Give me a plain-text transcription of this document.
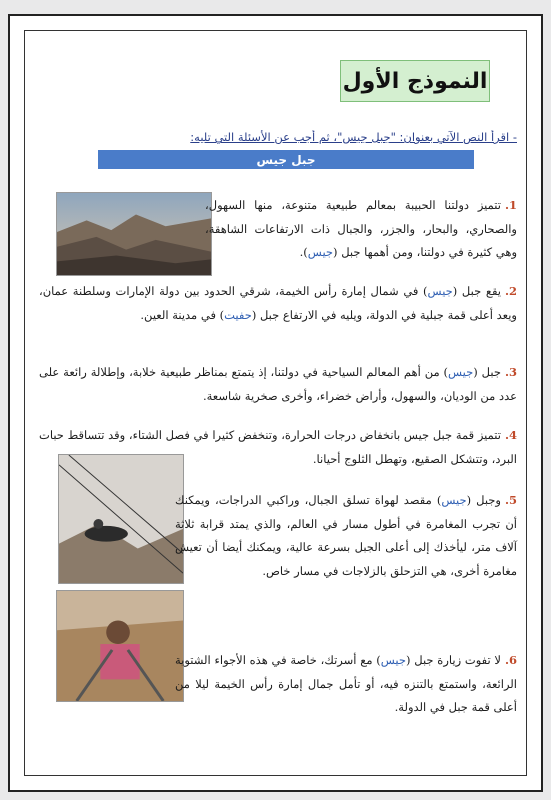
النموذج الأول
- اقرأ النص الآتي بعنوان: "جبل جيس"، ثم أجب عن الأسئلة التي تليه:
جبل جيس

1.تتميز دولتنا الحبيبة بمعالم طبيعية متنوعة، منها السهول، والصحاري، والبحار، والجزر، والجبال ذات الارتفاعات الشاهقة، وهي كثيرة في دولتنا، ومن أهمها جبل (جيس).

2.يقع جبل (جيس) في شمال إمارة رأس الخيمة، شرقي الحدود بين دولة الإمارات وسلطنة عمان، ويعد أعلى قمة جبلية في الدولة، ويليه في الارتفاع جبل (حفيت) في مدينة العين.

3.جبل (جيس) من أهم المعالم السياحية في دولتنا، إذ يتمتع بمناظر طبيعية خلابة، وإطلالة رائعة على عدد من الوديان، والسهول، وأراض خضراء، وأخرى صخرية شاسعة.

4.تتميز قمة جبل جيس بانخفاض درجات الحرارة، وتنخفض كثيرا في فصل الشتاء، وقد تتساقط حبات البرد، وتتشكل الصقيع، وتهطل الثلوج أحيانا.

5.وجبل (جيس) مقصد لهواة تسلق الجبال، وراكبي الدراجات، ويمكنك أن تجرب المغامرة في أطول مسار في العالم، والذي يمتد قرابة ثلاثة آلاف متر، ليأخذك إلى أعلى الجبل بسرعة عالية، ويمكنك أيضا أن تعيش مغامرة أخرى، هي التزحلق بالزلاجات في مسار خاص.

6.لا تفوت زيارة جبل (جيس) مع أسرتك، خاصة في هذه الأجواء الشتوية الرائعة، واستمتع بالتنزه فيه، أو تأمل جمال إمارة رأس الخيمة ليلا من أعلى قمة جبل في الدولة.
